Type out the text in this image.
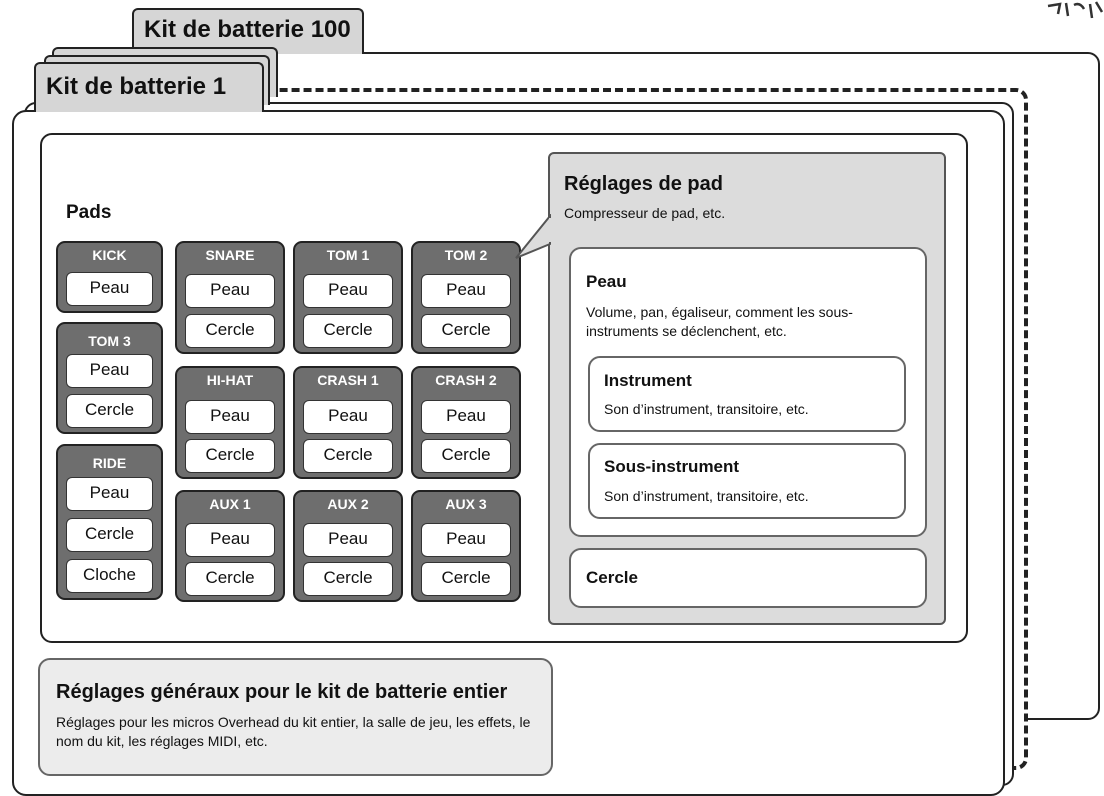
Kit de batterie 100
Kit de batterie 1
Pads
KICK
Peau
TOM 3
Peau
Cercle
RIDE
Peau
Cercle
Cloche
SNARE
Peau
Cercle
TOM 1
Peau
Cercle
TOM 2
Peau
Cercle
HI-HAT
Peau
Cercle
CRASH 1
Peau
Cercle
CRASH 2
Peau
Cercle
AUX 1
Peau
Cercle
AUX 2
Peau
Cercle
AUX 3
Peau
Cercle
Réglages de pad
Compresseur de pad, etc.
Peau
Volume, pan, égaliseur, comment les sous-instruments se déclenchent, etc.
Instrument
Son d’instrument, transitoire, etc.
Sous-instrument
Son d’instrument, transitoire, etc.
Cercle
Réglages généraux pour le kit de batterie entier
Réglages pour les micros Overhead du kit entier, la salle de jeu, les effets, le nom du kit, les réglages MIDI, etc.
